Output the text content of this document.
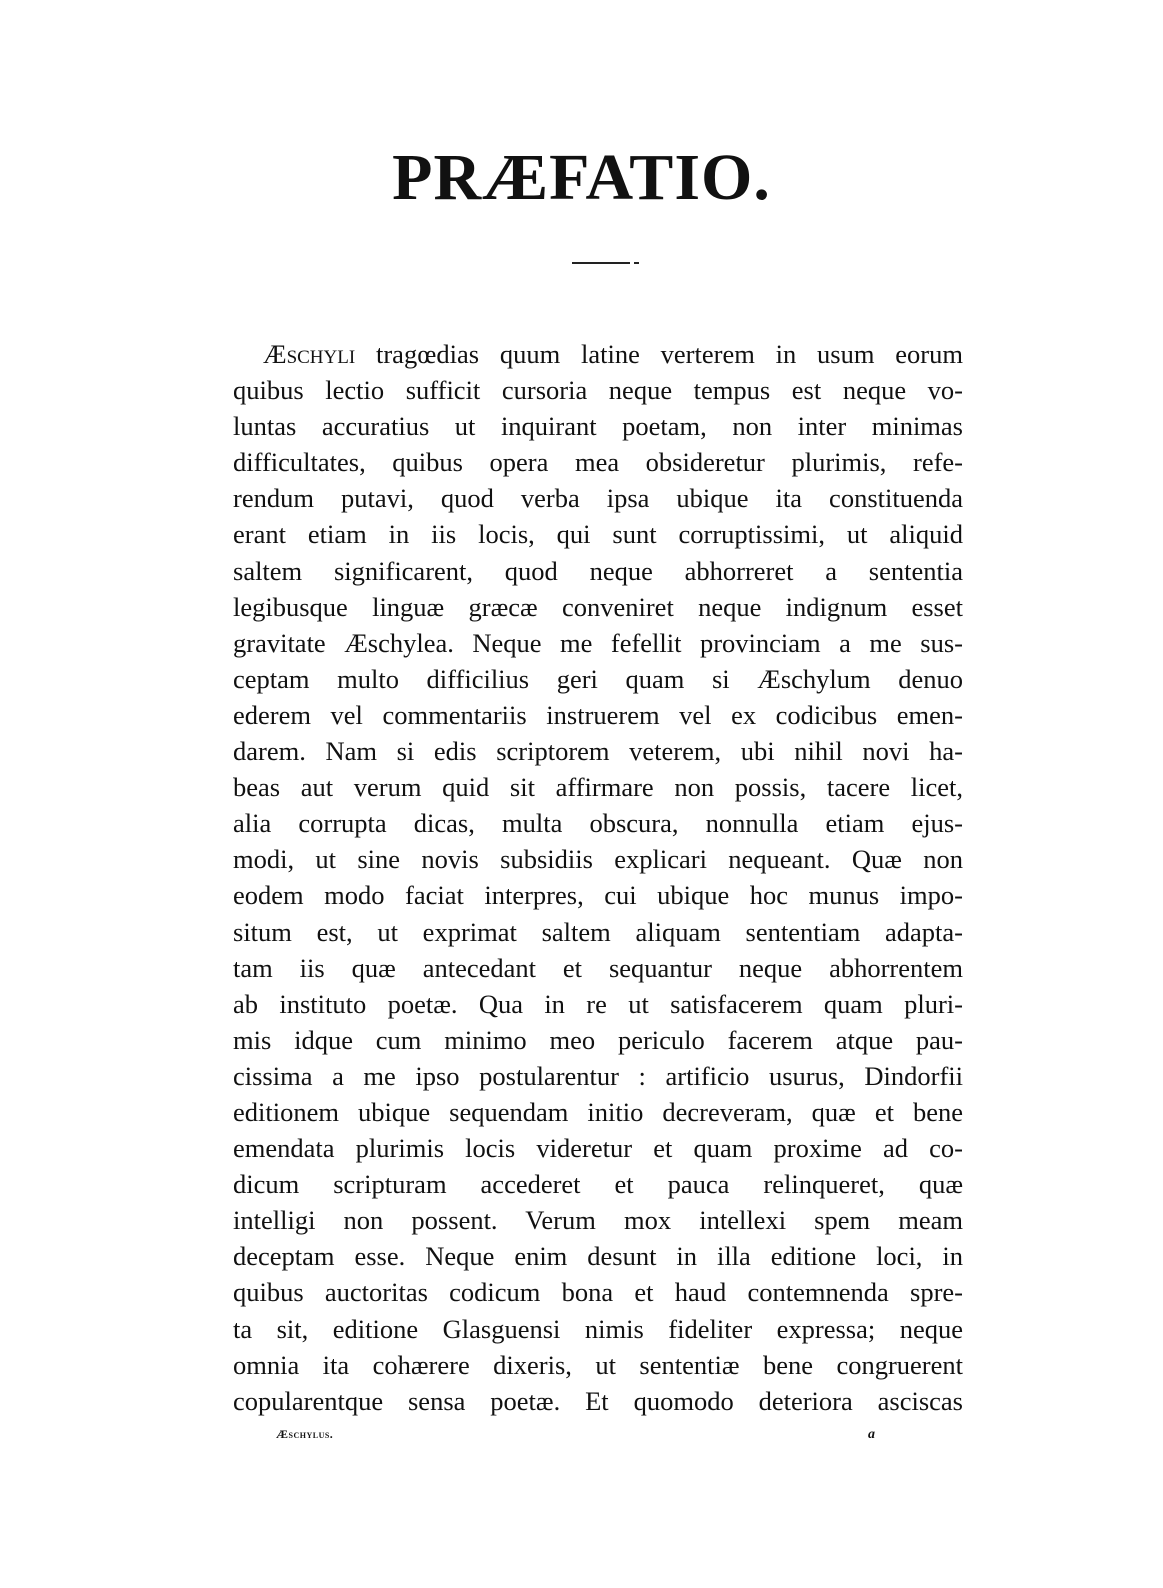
PRÆFATIO.
Æschyli tragœdias quum latine verterem in usum eorum
quibus lectio sufficit cursoria neque tempus est neque vo-
luntas accuratius ut inquirant poetam, non inter minimas
difficultates, quibus opera mea obsideretur plurimis, refe-
rendum putavi, quod verba ipsa ubique ita constituenda
erant etiam in iis locis, qui sunt corruptissimi, ut aliquid
saltem significarent, quod neque abhorreret a sententia
legibusque linguæ græcæ conveniret neque indignum esset
gravitate Æschylea. Neque me fefellit provinciam a me sus-
ceptam multo difficilius geri quam si Æschylum denuo
ederem vel commentariis instruerem vel ex codicibus emen-
darem. Nam si edis scriptorem veterem, ubi nihil novi ha-
beas aut verum quid sit affirmare non possis, tacere licet,
alia corrupta dicas, multa obscura, nonnulla etiam ejus-
modi, ut sine novis subsidiis explicari nequeant. Quæ non
eodem modo faciat interpres, cui ubique hoc munus impo-
situm est, ut exprimat saltem aliquam sententiam adapta-
tam iis quæ antecedant et sequantur neque abhorrentem
ab instituto poetæ. Qua in re ut satisfacerem quam pluri-
mis idque cum minimo meo periculo facerem atque pau-
cissima a me ipso postularentur : artificio usurus, Dindorfii
editionem ubique sequendam initio decreveram, quæ et bene
emendata plurimis locis videretur et quam proxime ad co-
dicum scripturam accederet et pauca relinqueret, quæ
intelligi non possent. Verum mox intellexi spem meam
deceptam esse. Neque enim desunt in illa editione loci, in
quibus auctoritas codicum bona et haud contemnenda spre-
ta sit, editione Glasguensi nimis fideliter expressa; neque
omnia ita cohærere dixeris, ut sententiæ bene congruerent
copularentque sensa poetæ. Et quomodo deteriora asciscas
Æschylus.	a
